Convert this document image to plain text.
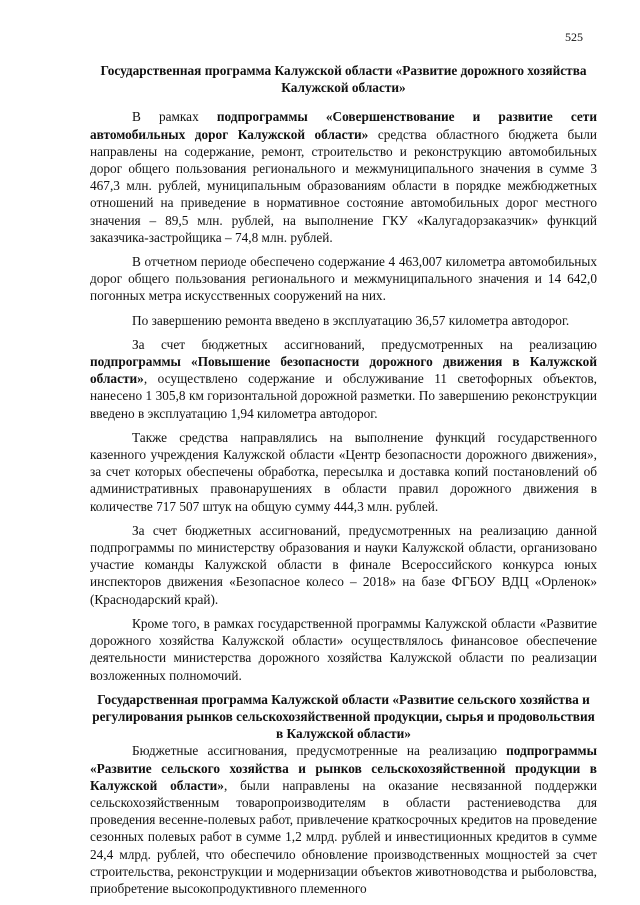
525
Государственная программа Калужской области «Развитие дорожного хозяйства Калужской области»

В рамках подпрограммы «Совершенствование и развитие сети автомобильных дорог Калужской области» средства областного бюджета были направлены на содержание, ремонт, строительство и реконструкцию автомобильных дорог общего пользования регионального и межмуниципального значения в сумме 3 467,3 млн. рублей, муниципальным образованиям области в порядке межбюджетных отношений на приведение в нормативное состояние автомобильных дорог местного значения – 89,5 млн. рублей, на выполнение ГКУ «Калугадорзаказчик» функций заказчика-застройщика – 74,8 млн. рублей.

В отчетном периоде обеспечено содержание 4 463,007 километра автомобильных дорог общего пользования регионального и межмуниципального значения и 14 642,0 погонных метра искусственных сооружений на них.

По завершению ремонта введено в эксплуатацию 36,57 километра автодорог.

За счет бюджетных ассигнований, предусмотренных на реализацию подпрограммы «Повышение безопасности дорожного движения в Калужской области», осуществлено содержание и обслуживание 11 светофорных объектов, нанесено 1 305,8 км горизонтальной дорожной разметки. По завершению реконструкции введено в эксплуатацию 1,94 километра автодорог.

Также средства направлялись на выполнение функций государственного казенного учреждения Калужской области «Центр безопасности дорожного движения», за счет которых обеспечены обработка, пересылка и доставка копий постановлений об административных правонарушениях в области правил дорожного движения в количестве 717 507 штук на общую сумму 444,3 млн. рублей.

За счет бюджетных ассигнований, предусмотренных на реализацию данной подпрограммы по министерству образования и науки Калужской области, организовано участие команды Калужской области в финале Всероссийского конкурса юных инспекторов движения «Безопасное колесо – 2018» на базе ФГБОУ ВДЦ «Орленок» (Краснодарский край).

Кроме того, в рамках государственной программы Калужской области «Развитие дорожного хозяйства Калужской области» осуществлялось финансовое обеспечение деятельности министерства дорожного хозяйства Калужской области по реализации возложенных полномочий.

Государственная программа Калужской области «Развитие сельского хозяйства и регулирования рынков сельскохозяйственной продукции, сырья и продовольствия в Калужской области»

Бюджетные ассигнования, предусмотренные на реализацию подпрограммы «Развитие сельского хозяйства и рынков сельскохозяйственной продукции в Калужской области», были направлены на оказание несвязанной поддержки сельскохозяйственным товаропроизводителям в области растениеводства для проведения весенне-полевых работ, привлечение краткосрочных кредитов на проведение сезонных полевых работ в сумме 1,2 млрд. рублей и инвестиционных кредитов в сумме 24,4 млрд. рублей, что обеспечило обновление производственных мощностей за счет строительства, реконструкции и модернизации объектов животноводства и рыболовства, приобретение высокопродуктивного племенного
